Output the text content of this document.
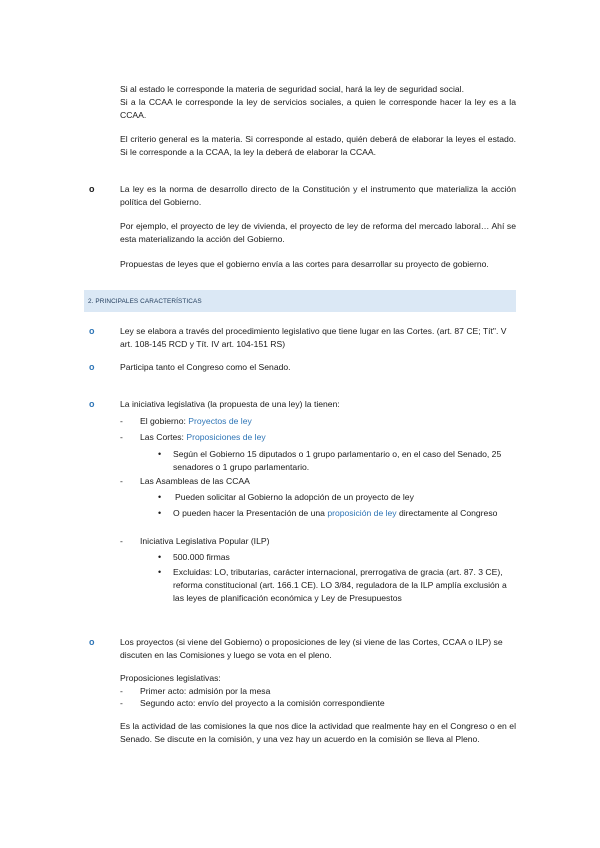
Si al estado le corresponde la materia de seguridad social, hará la ley de seguridad social.

Si a la CCAA le corresponde la ley de servicios sociales, a quien le corresponde hacer la ley es a la CCAA.

El criterio general es la materia. Si corresponde al estado, quién deberá de elaborar la leyes el estado. Si le corresponde a la CCAA, la ley la deberá de elaborar la CCAA.

o	La ley es la norma de desarrollo directo de la Constitución y el instrumento que materializa la acción política del Gobierno.

Por ejemplo, el proyecto de ley de vivienda, el proyecto de ley de reforma del mercado laboral… Ahí se esta materializando la acción del Gobierno.

Propuestas de leyes que el gobierno envía a las cortes para desarrollar su proyecto de gobierno.

2. PRINCIPALES CARACTERÍSTICAS
o	Ley se elabora a través del procedimiento legislativo que tiene lugar en las Cortes. (art. 87 CE; Tít". V art. 108-145 RCD y Tít. IV art. 104-151 RS)

o	Participa tanto el Congreso como el Senado.

o	La iniciativa legislativa (la propuesta de una ley) la tienen:

- El gobierno: Proyectos de ley
- Las Cortes: Proposiciones de ley
• Según el Gobierno 15 diputados o 1 grupo parlamentario o, en el caso del Senado, 25 senadores o 1 grupo parlamentario.

- Las Asambleas de las CCAA
• Pueden solicitar al Gobierno la adopción de un proyecto de ley

• O pueden hacer la Presentación de una proposición de ley directamente al Congreso

- Iniciativa Legislativa Popular (ILP)
• 500.000 firmas

• Excluidas: LO, tributarias, carácter internacional, prerrogativa de gracia (art. 87. 3 CE), reforma constitucional (art. 166.1 CE). LO 3/84, reguladora de la ILP amplía exclusión a las leyes de planificación económica y Ley de Presupuestos

o	Los proyectos (si viene del Gobierno) o proposiciones de ley (si viene de las Cortes, CCAA o ILP) se discuten en las Comisiones y luego se vota en el pleno.

Proposiciones legislativas:

- Primer acto: admisión por la mesa
- Segundo acto: envío del proyecto a la comisión correspondiente

Es la actividad de las comisiones la que nos dice la actividad que realmente hay en el Congreso o en el Senado. Se discute en la comisión, y una vez hay un acuerdo en la comisión se lleva al Pleno.
